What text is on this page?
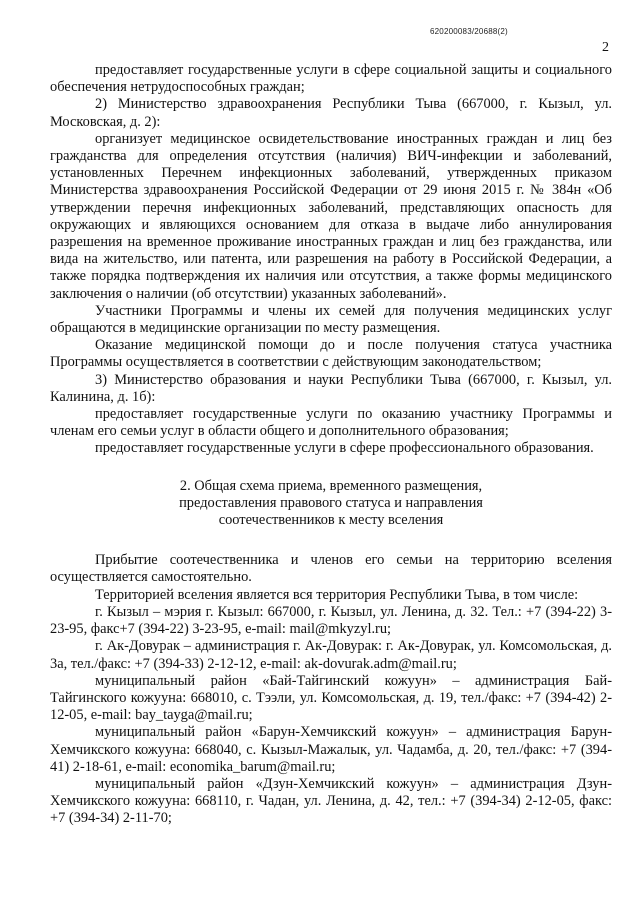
620200083/20688(2)
2

предоставляет государственные услуги в сфере социальной защиты и социального обеспечения нетрудоспособных граждан;

2) Министерство здравоохранения Республики Тыва (667000, г. Кызыл, ул. Московская, д. 2):

организует медицинское освидетельствование иностранных граждан и лиц без гражданства для определения отсутствия (наличия) ВИЧ-инфекции и заболеваний, установленных Перечнем инфекционных заболеваний, утвержденных приказом Министерства здравоохранения Российской Федерации от 29 июня 2015 г. № 384н «Об утверждении перечня инфекционных заболеваний, представляющих опасность для окружающих и являющихся основанием для отказа в выдаче либо аннулирования разрешения на временное проживание иностранных граждан и лиц без гражданства, или вида на жительство, или патента, или разрешения на работу в Российской Федерации, а также порядка подтверждения их наличия или отсутствия, а также формы медицинского заключения о наличии (об отсутствии) указанных заболеваний».

Участники Программы и члены их семей для получения медицинских услуг обращаются в медицинские организации по месту размещения.

Оказание медицинской помощи до и после получения статуса участника Программы осуществляется в соответствии с действующим законодательством;

3) Министерство образования и науки Республики Тыва (667000, г. Кызыл, ул. Калинина, д. 1б):

предоставляет государственные услуги по оказанию участнику Программы и членам его семьи услуг в области общего и дополнительного образования;

предоставляет государственные услуги в сфере профессионального образования.

2. Общая схема приема, временного размещения,
предоставления правового статуса и направления
соотечественников к месту вселения

Прибытие соотечественника и членов его семьи на территорию вселения осуществляется самостоятельно.

Территорией вселения является вся территория Республики Тыва, в том числе:

г. Кызыл – мэрия г. Кызыл: 667000, г. Кызыл, ул. Ленина, д. 32. Тел.: +7 (394-22) 3-23-95, факс+7 (394-22) 3-23-95, e-mail: mail@mkyzyl.ru;

г. Ак-Довурак – администрация г. Ак-Довурак: г. Ак-Довурак, ул. Комсомольская, д. 3а, тел./факс: +7 (394-33) 2-12-12, e-mail: ak-dovurak.adm@mail.ru;

муниципальный район «Бай-Тайгинский кожуун» – администрация Бай-Тайгинского кожууна: 668010, с. Тээли, ул. Комсомольская, д. 19, тел./факс: +7 (394-42) 2-12-05, e-mail: bay_tayga@mail.ru;

муниципальный район «Барун-Хемчикский кожуун» – администрация Барун-Хемчикского кожууна: 668040, с. Кызыл-Мажалык, ул. Чадамба, д. 20, тел./факс: +7 (394-41) 2-18-61, e-mail: economika_barum@mail.ru;

муниципальный район «Дзун-Хемчикский кожуун» – администрация Дзун-Хемчикского кожууна: 668110, г. Чадан, ул. Ленина, д. 42, тел.: +7 (394-34) 2-12-05, факс: +7 (394-34) 2-11-70;
